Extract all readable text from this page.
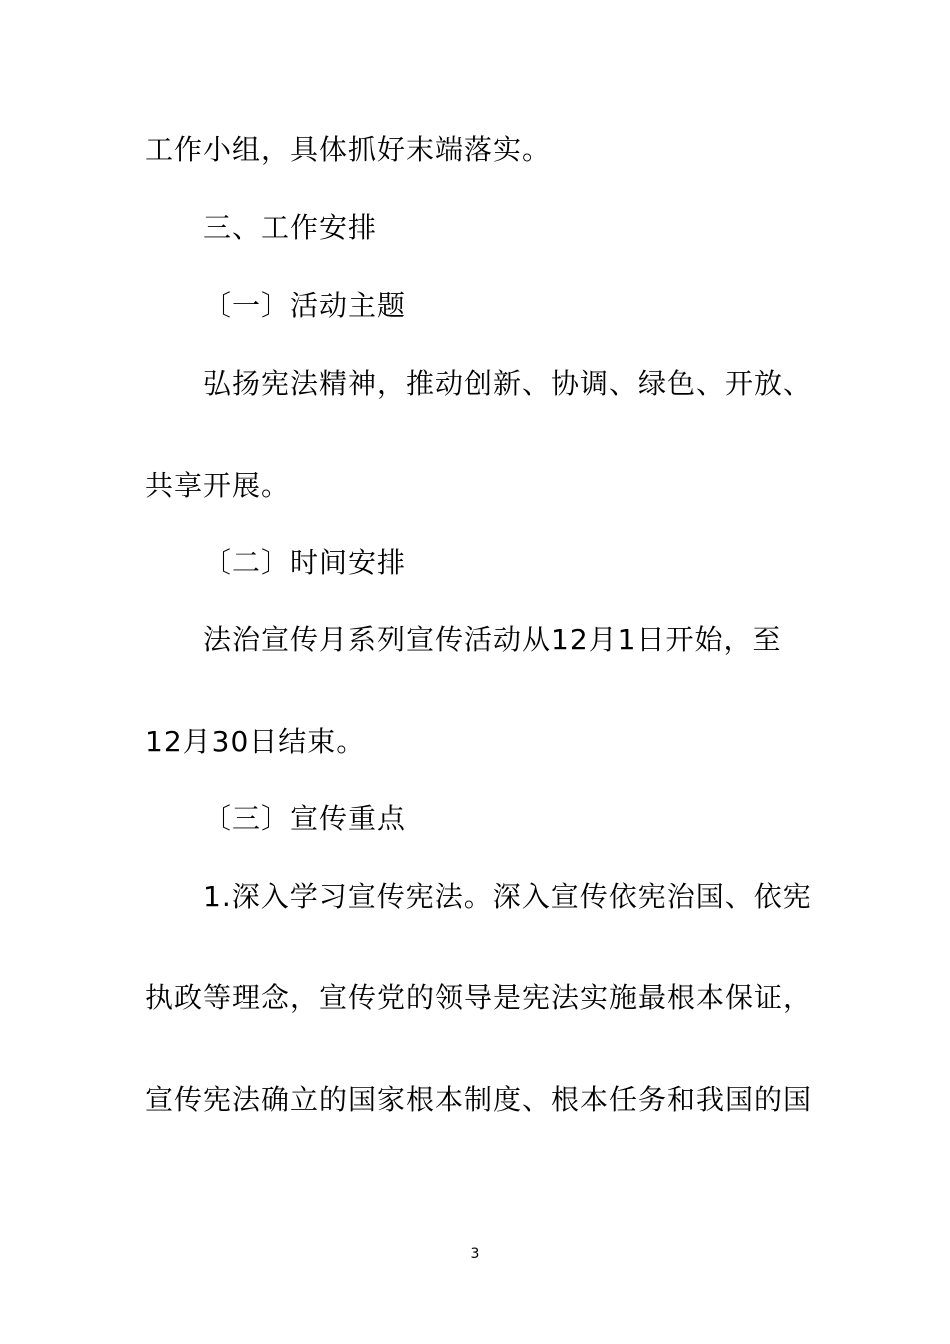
工作小组，具体抓好末端落实。

三、工作安排

〔一〕活动主题

弘扬宪法精神，推动创新、协调、绿色、开放、

共享开展。

〔二〕时间安排

法治宣传月系列宣传活动从12月1日开始，至

12月30日结束。

〔三〕宣传重点

1.深入学习宣传宪法。深入宣传依宪治国、依宪

执政等理念，宣传党的领导是宪法实施最根本保证，

宣传宪法确立的国家根本制度、根本任务和我国的国

3
